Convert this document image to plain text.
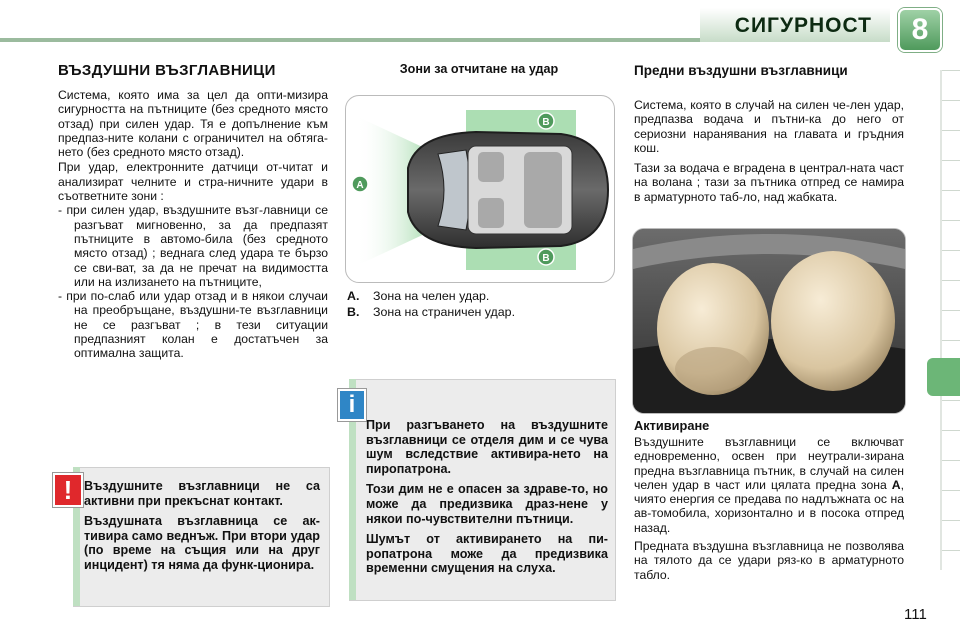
СИГУРНОСТ	8
ВЪЗДУШНИ ВЪЗГЛАВНИЦИ
Система, която има за цел да опти-мизира сигурността на пътниците (без средното място отзад) при силен удар. Тя е допълнение към предпаз-ните колани с ограничител на обтяга-нето (без средното място отзад).
При удар, електронните датчици от-читат и анализират челните и стра-ничните удари в съответните зони :
- при силен удар, въздушните възг-лавници се разгъват мигновенно, за да предпазят пътниците в автомо-била (без средното място отзад) ; веднага след удара те бързо се сви-ват, за да не пречат на видимостта или на излизането на пътниците,
- при по-слаб или удар отзад и в някои случаи на преобръщане, въздушни-те възглавници не се разгъват ; в тези ситуации предпазният колан е достатъчен за оптимална защита.
! Въздушните възглавници не са активни при прекъснат контакт.
Въздушната възглавница се ак-тивира само веднъж. При втори удар (по време на същия или на друг инцидент) тя няма да функ-ционира.
Зони за отчитане на удар
A
B
B
A. Зона на челен удар.
B. Зона на страничен удар.
i
При разгъването на въздушните възглавници се отделя дим и се чува шум вследствие активира-нето на пиропатрона.
Този дим не е опасен за здраве-то, но може да предизвика драз-нене у някои по-чувствителни пътници.
Шумът от активирането на пи-ропатрона може да предизвика временни смущения на слуха.
Предни въздушни възглавници
Система, която в случай на силен че-лен удар, предпазва водача и пътни-ка до него от сериозни наранявания на главата и гръдния кош.
Тази за водача е вградена в централ-ната част на волана ; тази за пътника отпред се намира в арматурното таб-ло, над жабката.
Активиране
Въздушните възглавници се включват едновременно, освен при неутрали-зирана предна възглавница пътник, в случай на силен челен удар в част или цялата предна зона A, чиято енергия се предава по надлъжната ос на ав-томобила, хоризонтално и в посока отпред назад.
Предната въздушна възглавница не позволява на тялото да се удари ряз-ко в арматурното табло.
111
